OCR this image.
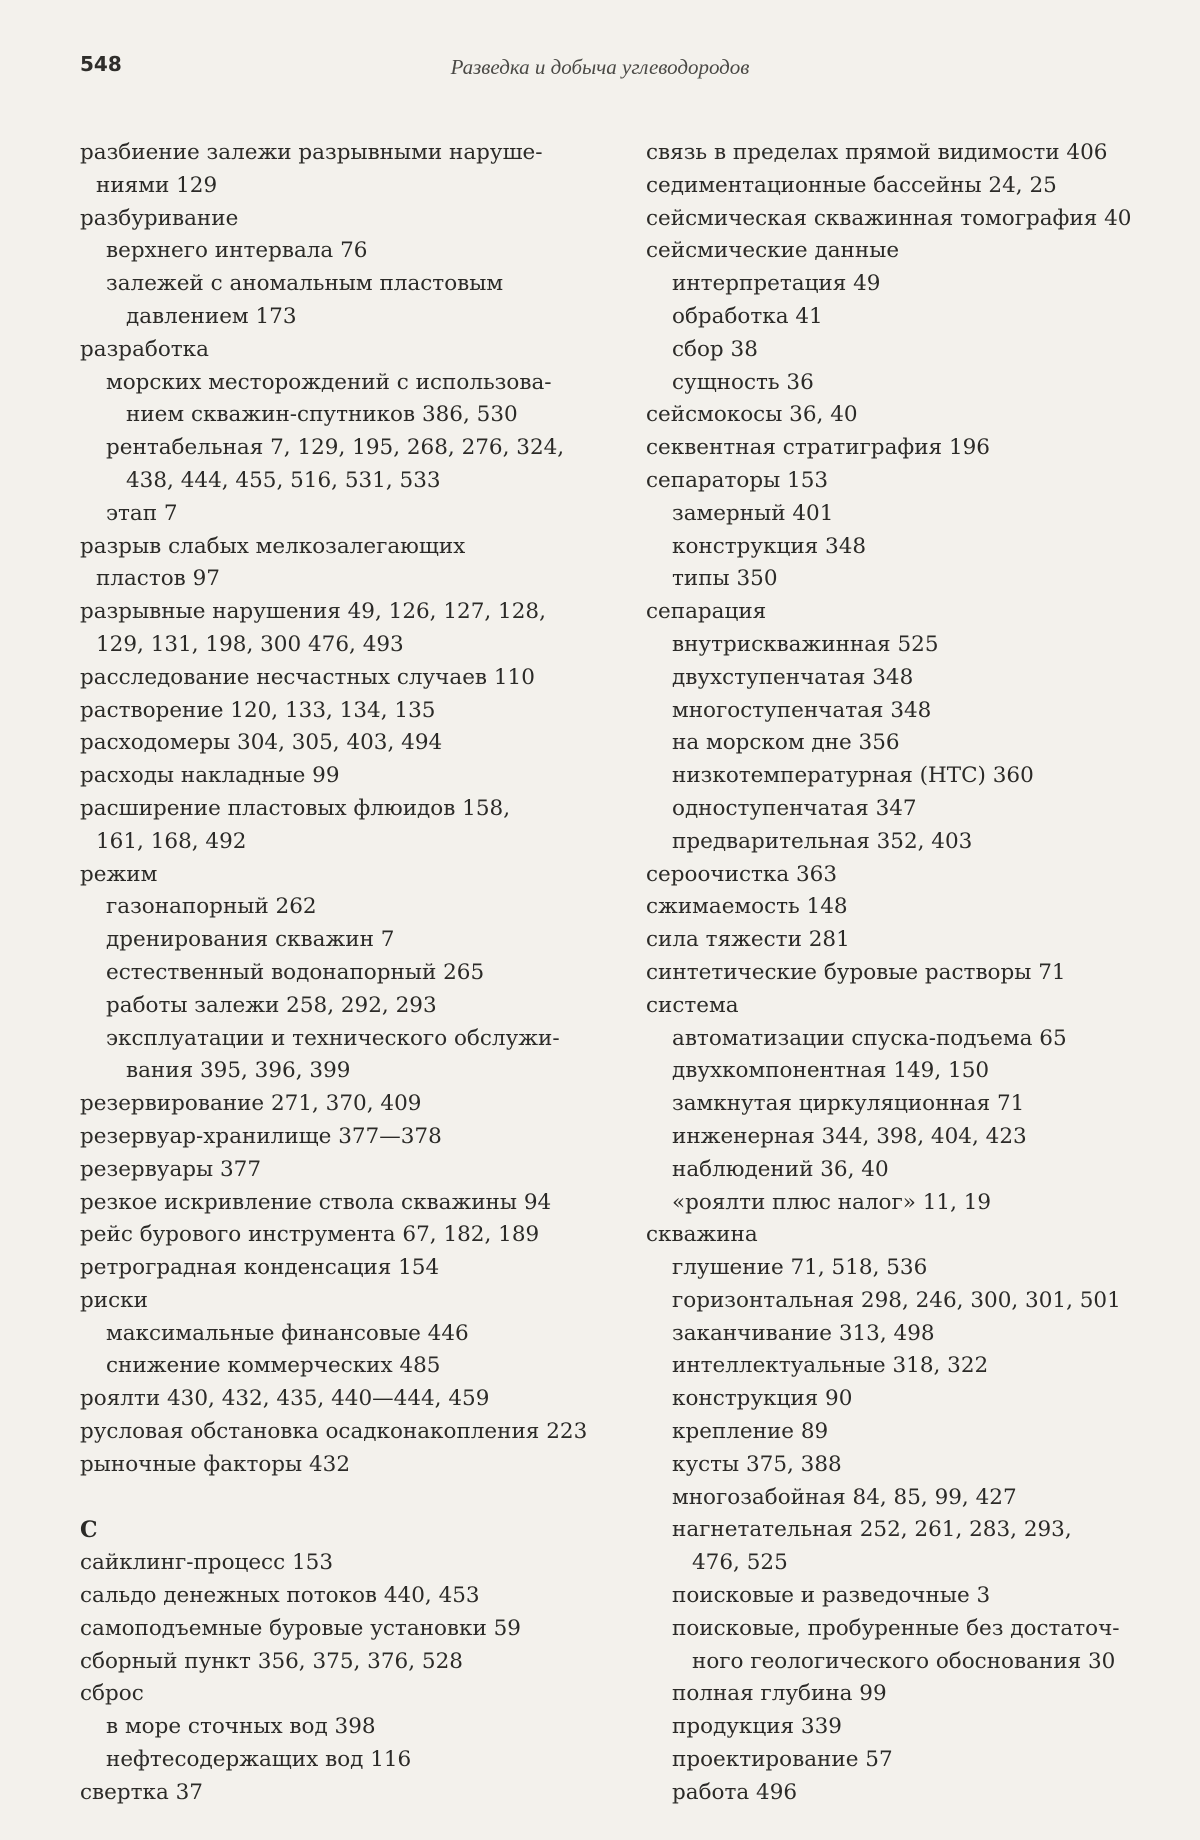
548	Разведка и добыча углеводородов
разбиение залежи разрывными наруше-
ниями 129
разбуривание
верхнего интервала 76
залежей с аномальным пластовым
давлением 173
разработка
морских месторождений с использова-
нием скважин-спутников 386, 530
рентабельная 7, 129, 195, 268, 276, 324,
438, 444, 455, 516, 531, 533
этап 7
разрыв слабых мелкозалегающих
пластов 97
разрывные нарушения 49, 126, 127, 128,
129, 131, 198, 300 476, 493
расследование несчастных случаев 110
растворение 120, 133, 134, 135
расходомеры 304, 305, 403, 494
расходы накладные 99
расширение пластовых флюидов 158,
161, 168, 492
режим
газонапорный 262
дренирования скважин 7
естественный водонапорный 265
работы залежи 258, 292, 293
эксплуатации и технического обслужи-
вания 395, 396, 399
резервирование 271, 370, 409
резервуар-хранилище 377—378
резервуары 377
резкое искривление ствола скважины 94
рейс бурового инструмента 67, 182, 189
ретроградная конденсация 154
риски
максимальные финансовые 446
снижение коммерческих 485
роялти 430, 432, 435, 440—444, 459
русловая обстановка осадконакопления 223
рыночные факторы 432
С
сайклинг-процесс 153
сальдо денежных потоков 440, 453
самоподъемные буровые установки 59
сборный пункт 356, 375, 376, 528
сброс
в море сточных вод 398
нефтесодержащих вод 116
свертка 37
связь в пределах прямой видимости 406
седиментационные бассейны 24, 25
сейсмическая скважинная томография 40
сейсмические данные
интерпретация 49
обработка 41
сбор 38
сущность 36
сейсмокосы 36, 40
секвентная стратиграфия 196
сепараторы 153
замерный 401
конструкция 348
типы 350
сепарация
внутрискважинная 525
двухступенчатая 348
многоступенчатая 348
на морском дне 356
низкотемпературная (НТС) 360
одноступенчатая 347
предварительная 352, 403
сероочистка 363
сжимаемость 148
сила тяжести 281
синтетические буровые растворы 71
система
автоматизации спуска-подъема 65
двухкомпонентная 149, 150
замкнутая циркуляционная 71
инженерная 344, 398, 404, 423
наблюдений 36, 40
«роялти плюс налог» 11, 19
скважина
глушение 71, 518, 536
горизонтальная 298, 246, 300, 301, 501
заканчивание 313, 498
интеллектуальные 318, 322
конструкция 90
крепление 89
кусты 375, 388
многозабойная 84, 85, 99, 427
нагнетательная 252, 261, 283, 293,
476, 525
поисковые и разведочные 3
поисковые, пробуренные без достаточ-
ного геологического обоснования 30
полная глубина 99
продукция 339
проектирование 57
работа 496
